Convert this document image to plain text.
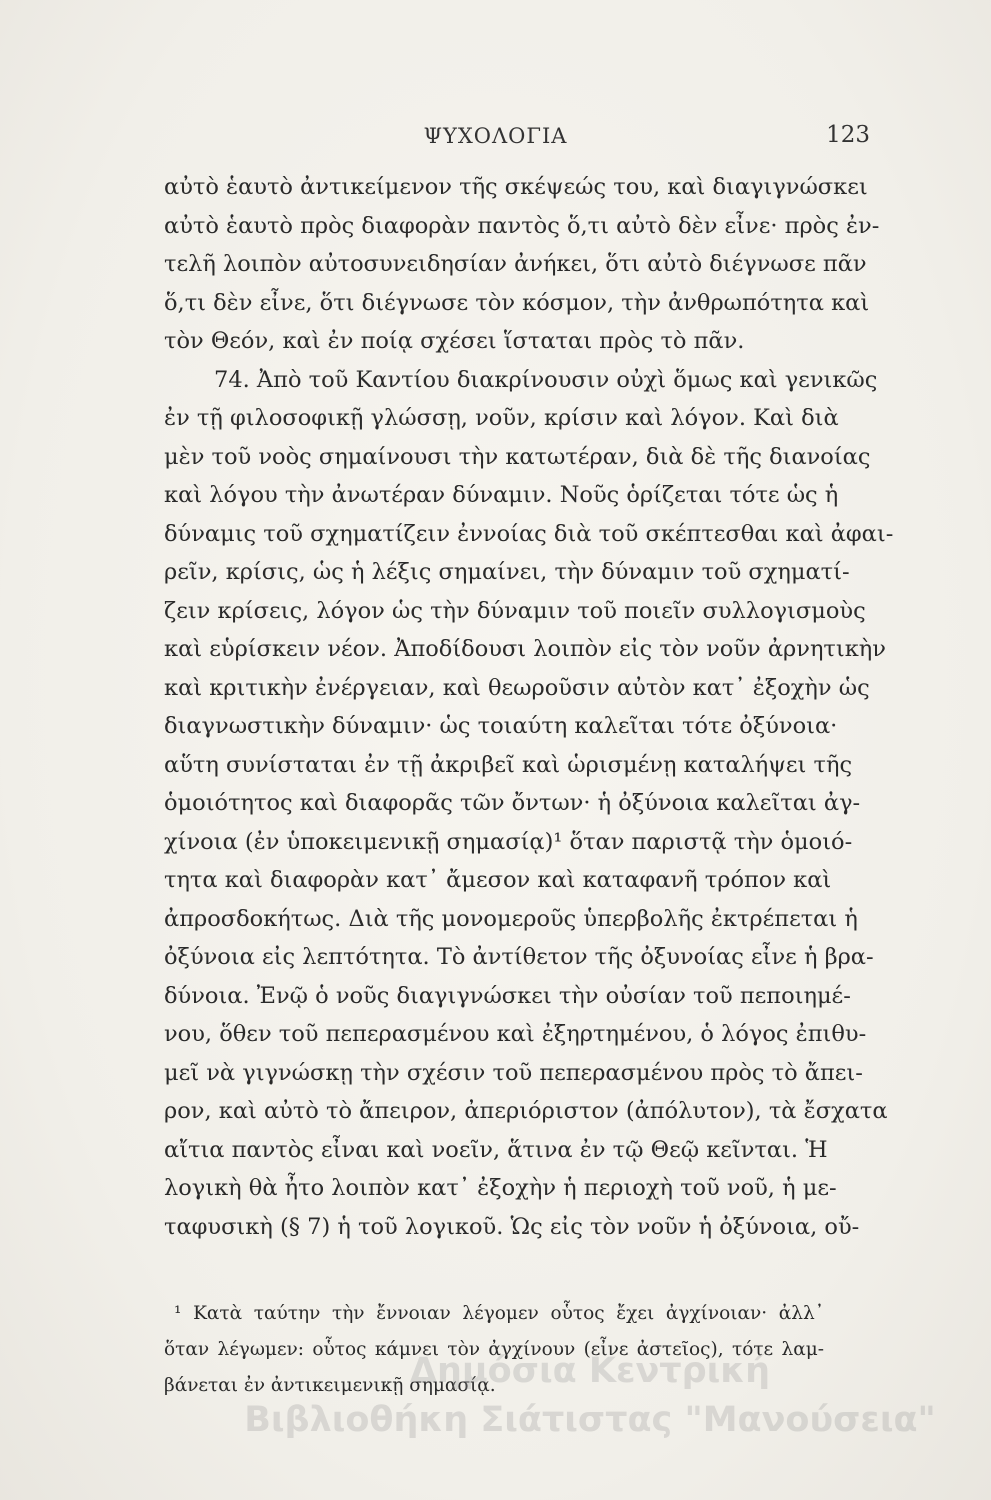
ΨΥΧΟΛΟΓΙΑ	123
αὐτὸ ἑαυτὸ ἀντικείμενον τῆς σκέψεώς του, καὶ διαγιγνώσκει
αὐτὸ ἑαυτὸ πρὸς διαφορὰν παντὸς ὅ,τι αὐτὸ δὲν εἶνε· πρὸς ἐν-
τελῆ λοιπὸν αὐτοσυνειδησίαν ἀνήκει, ὅτι αὐτὸ διέγνωσε πᾶν
ὅ,τι δὲν εἶνε, ὅτι διέγνωσε τὸν κόσμον, τὴν ἀνθρωπότητα καὶ
τὸν Θεόν, καὶ ἐν ποίᾳ σχέσει ἵσταται πρὸς τὸ πᾶν.
74. Ἀπὸ τοῦ Καντίου διακρίνουσιν οὐχὶ ὅμως καὶ γενικῶς
ἐν τῇ φιλοσοφικῇ γλώσσῃ, νοῦν, κρίσιν καὶ λόγον. Καὶ διὰ
μὲν τοῦ νοὸς σημαίνουσι τὴν κατωτέραν, διὰ δὲ τῆς διανοίας
καὶ λόγου τὴν ἀνωτέραν δύναμιν. Νοῦς ὁρίζεται τότε ὡς ἡ
δύναμις τοῦ σχηματίζειν ἐννοίας διὰ τοῦ σκέπτεσθαι καὶ ἀφαι-
ρεῖν, κρίσις, ὡς ἡ λέξις σημαίνει, τὴν δύναμιν τοῦ σχηματί-
ζειν κρίσεις, λόγον ὡς τὴν δύναμιν τοῦ ποιεῖν συλλογισμοὺς
καὶ εὑρίσκειν νέον. Ἀποδίδουσι λοιπὸν εἰς τὸν νοῦν ἀρνητικὴν
καὶ κριτικὴν ἐνέργειαν, καὶ θεωροῦσιν αὐτὸν κατ᾽ ἐξοχὴν ὡς
διαγνωστικὴν δύναμιν· ὡς τοιαύτη καλεῖται τότε ὀξύνοια·
αὕτη συνίσταται ἐν τῇ ἀκριβεῖ καὶ ὡρισμένῃ καταλήψει τῆς
ὁμοιότητος καὶ διαφορᾶς τῶν ὄντων· ἡ ὀξύνοια καλεῖται ἀγ-
χίνοια (ἐν ὑποκειμενικῇ σημασίᾳ)¹ ὅταν παριστᾷ τὴν ὁμοιό-
τητα καὶ διαφορὰν κατ᾽ ἄμεσον καὶ καταφανῆ τρόπον καὶ
ἀπροσδοκήτως. Διὰ τῆς μονομεροῦς ὑπερβολῆς ἐκτρέπεται ἡ
ὀξύνοια εἰς λεπτότητα. Τὸ ἀντίθετον τῆς ὀξυνοίας εἶνε ἡ βρα-
δύνοια. Ἐνῷ ὁ νοῦς διαγιγνώσκει τὴν οὐσίαν τοῦ πεποιημέ-
νου, ὅθεν τοῦ πεπερασμένου καὶ ἐξηρτημένου, ὁ λόγος ἐπιθυ-
μεῖ νὰ γιγνώσκῃ τὴν σχέσιν τοῦ πεπερασμένου πρὸς τὸ ἄπει-
ρον, καὶ αὐτὸ τὸ ἄπειρον, ἀπεριόριστον (ἀπόλυτον), τὰ ἔσχατα
αἴτια παντὸς εἶναι καὶ νοεῖν, ἅτινα ἐν τῷ Θεῷ κεῖνται. Ἡ
λογικὴ θὰ ἦτο λοιπὸν κατ᾽ ἐξοχὴν ἡ περιοχὴ τοῦ νοῦ, ἡ με-
ταφυσικὴ (§ 7) ἡ τοῦ λογικοῦ. Ὡς εἰς τὸν νοῦν ἡ ὀξύνοια, οὔ-
¹ Κατὰ ταύτην τὴν ἔννοιαν λέγομεν οὗτος ἔχει ἀγχίνοιαν· ἀλλ᾽
ὅταν λέγωμεν: οὗτος κάμνει τὸν ἀγχίνουν (εἶνε ἀστεῖος), τότε λαμ-
βάνεται ἐν ἀντικειμενικῇ σημασίᾳ.
Δημόσια Κεντρική
Βιβλιοθήκη Σιάτιστας "Μανούσεια"
